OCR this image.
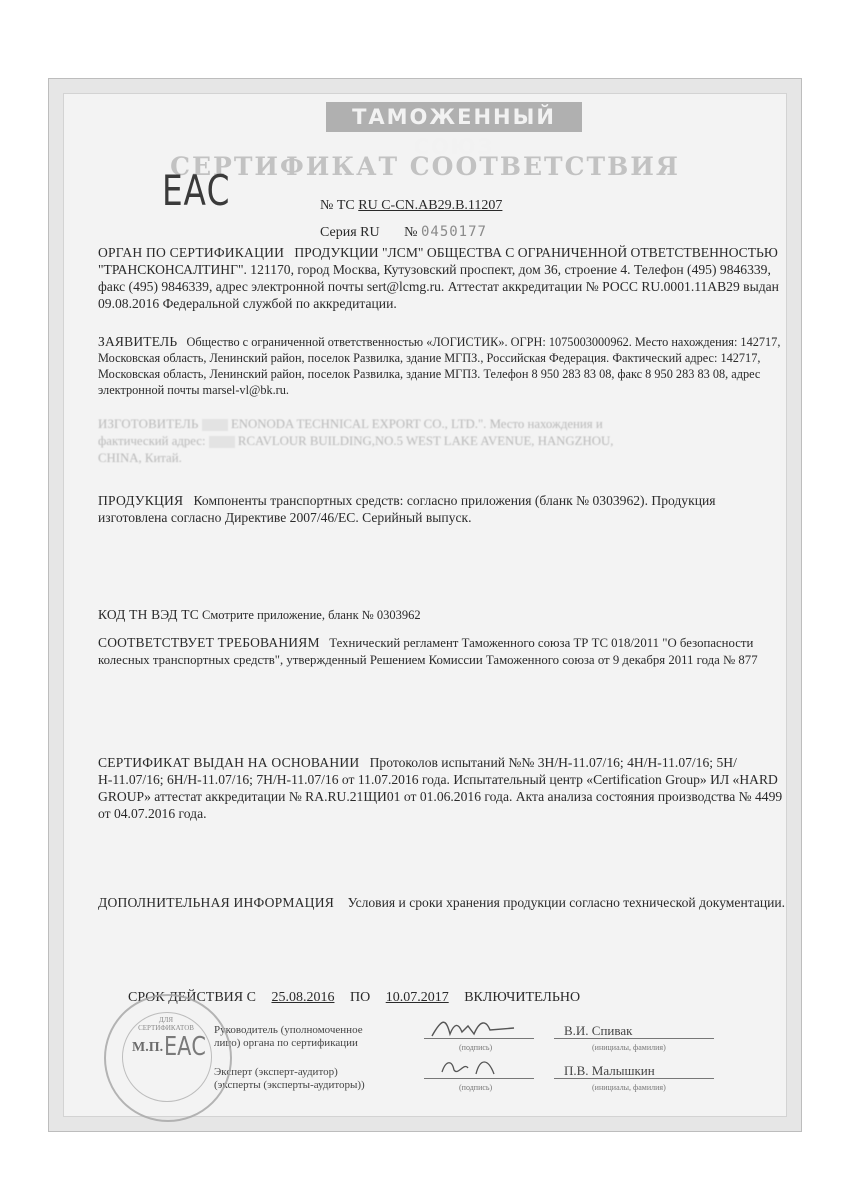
ТАМОЖЕННЫЙ СОЮЗ
СЕРТИФИКАТ СООТВЕТСТВИЯ
ЕАС	№ ТС RU C-CN.АВ29.В.11207
Серия RU № 0450177
ОРГАН ПО СЕРТИФИКАЦИИ ПРОДУКЦИИ "ЛСМ" ОБЩЕСТВА С ОГРАНИЧЕННОЙ ОТВЕТСТВЕННОСТЬЮ "ТРАНСКОНСАЛТИНГ". 121170, город Москва, Кутузовский проспект, дом 36, строение 4. Телефон (495) 9846339, факс (495) 9846339, адрес электронной почты sert@lcmg.ru. Аттестат аккредитации № РОСС RU.0001.11АВ29 выдан 09.08.2016 Федеральной службой по аккредитации.
ЗАЯВИТЕЛЬ Общество с ограниченной ответственностью «ЛОГИСТИК». ОГРН: 1075003000962. Место нахождения: 142717, Московская область, Ленинский район, поселок Развилка, здание МГПЗ., Российская Федерация. Фактический адрес: 142717, Московская область, Ленинский район, поселок Развилка, здание МГПЗ. Телефон 8 950 283 83 08, факс 8 950 283 83 08, адрес электронной почты marsel-vl@bk.ru.
ИЗГОТОВИТЕЛЬ	ENONODA TECHNICAL EXPORT CO., LTD.". Место нахождения и
фактический адрес:	RCAVLOUR BUILDING,NO.5 WEST LAKE AVENUE, HANGZHOU,
CHINA, Китай.
ПРОДУКЦИЯ Компоненты транспортных средств: согласно приложения (бланк № 0303962). Продукция изготовлена согласно Директиве 2007/46/ЕС. Серийный выпуск.
КОД ТН ВЭД ТС Смотрите приложение, бланк № 0303962
СООТВЕТСТВУЕТ ТРЕБОВАНИЯМ Технический регламент Таможенного союза ТР ТС 018/2011 "О безопасности колесных транспортных средств", утвержденный Решением Комиссии Таможенного союза от 9 декабря 2011 года № 877
СЕРТИФИКАТ ВЫДАН НА ОСНОВАНИИ Протоколов испытаний №№ 3Н/Н-11.07/16; 4Н/Н-11.07/16; 5Н/Н-11.07/16; 6Н/Н-11.07/16; 7Н/Н-11.07/16 от 11.07.2016 года. Испытательный центр «Certification Group» ИЛ «HARD GROUP» аттестат аккредитации № RA.RU.21ЩИ01 от 01.06.2016 года. Акта анализа состояния производства № 4499 от 04.07.2016 года.
ДОПОЛНИТЕЛЬНАЯ ИНФОРМАЦИЯ Условия и сроки хранения продукции согласно технической документации.
СРОК ДЕЙСТВИЯ С 25.08.2016 ПО 10.07.2017 ВКЛЮЧИТЕЛЬНО
Руководитель (уполномоченное
лицо) органа по сертификации	(подпись)
В.И. Спивак
(инициалы, фамилия)
Эксперт (эксперт-аудитор)
(эксперты (эксперты-аудиторы))	(подпись)
П.В. Малышкин
(инициалы, фамилия)
ДЛЯ СЕРТИФИКАТОВ
М.П. ЕАС
